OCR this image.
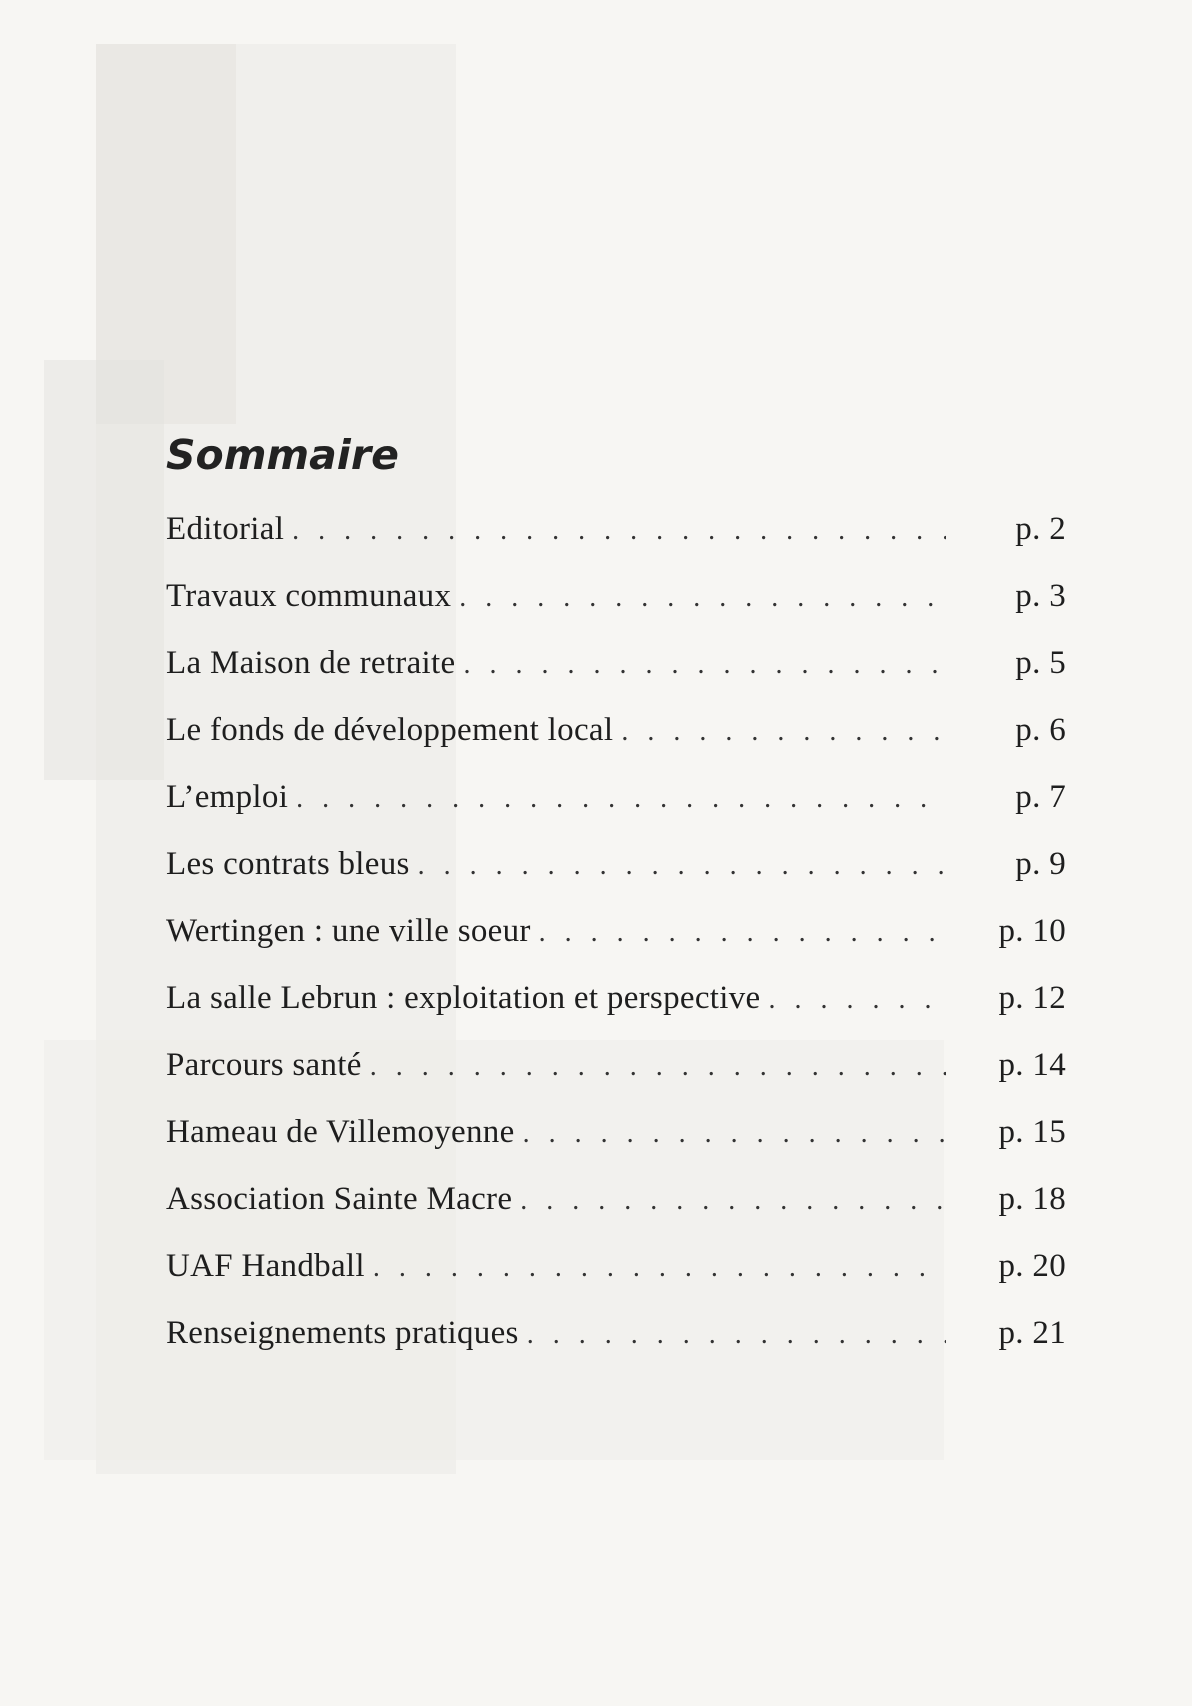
Sommaire
Editorial . . .	p. 2
Travaux communaux . . .	p. 3
La Maison de retraite . . .	p. 5
Le fonds de développement local . . .	p. 6
L’emploi . . .	p. 7
Les contrats bleus . . .	p. 9
Wertingen : une ville soeur . . .	p. 10
La salle Lebrun : exploitation et perspective . . .	p. 12
Parcours santé . . .	p. 14
Hameau de Villemoyenne . . .	p. 15
Association Sainte Macre . . .	p. 18
UAF Handball . . .	p. 20
Renseignements pratiques . . .	p. 21
